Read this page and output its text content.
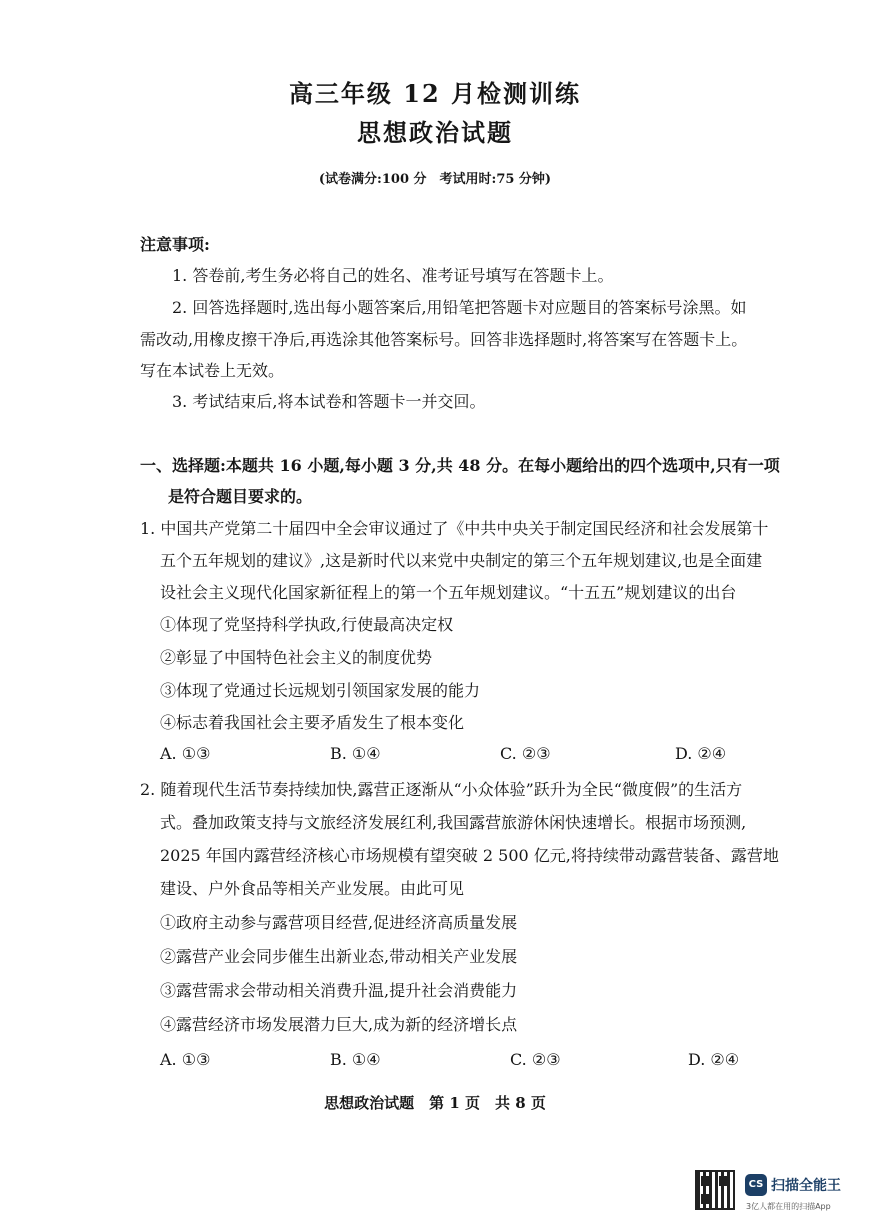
高三年级 12 月检测训练
思想政治试题
(试卷满分:100 分　考试用时:75 分钟)
注意事项:
1. 答卷前,考生务必将自己的姓名、准考证号填写在答题卡上。
2. 回答选择题时,选出每小题答案后,用铅笔把答题卡对应题目的答案标号涂黑。如
需改动,用橡皮擦干净后,再选涂其他答案标号。回答非选择题时,将答案写在答题卡上。
写在本试卷上无效。
3. 考试结束后,将本试卷和答题卡一并交回。
一、选择题:本题共 16 小题,每小题 3 分,共 48 分。在每小题给出的四个选项中,只有一项
是符合题目要求的。
1. 中国共产党第二十届四中全会审议通过了《中共中央关于制定国民经济和社会发展第十
五个五年规划的建议》,这是新时代以来党中央制定的第三个五年规划建议,也是全面建
设社会主义现代化国家新征程上的第一个五年规划建议。“十五五”规划建议的出台
①体现了党坚持科学执政,行使最高决定权
②彰显了中国特色社会主义的制度优势
③体现了党通过长远规划引领国家发展的能力
④标志着我国社会主要矛盾发生了根本变化
A. ①③	B. ①④	C. ②③	D. ②④
2. 随着现代生活节奏持续加快,露营正逐渐从“小众体验”跃升为全民“微度假”的生活方
式。叠加政策支持与文旅经济发展红利,我国露营旅游休闲快速增长。根据市场预测,
2025 年国内露营经济核心市场规模有望突破 2 500 亿元,将持续带动露营装备、露营地
建设、户外食品等相关产业发展。由此可见
①政府主动参与露营项目经营,促进经济高质量发展
②露营产业会同步催生出新业态,带动相关产业发展
③露营需求会带动相关消费升温,提升社会消费能力
④露营经济市场发展潜力巨大,成为新的经济增长点
A. ①③	B. ①④	C. ②③	D. ②④
思想政治试题　第 1 页　共 8 页
CS 扫描全能王
3亿人都在用的扫描App
